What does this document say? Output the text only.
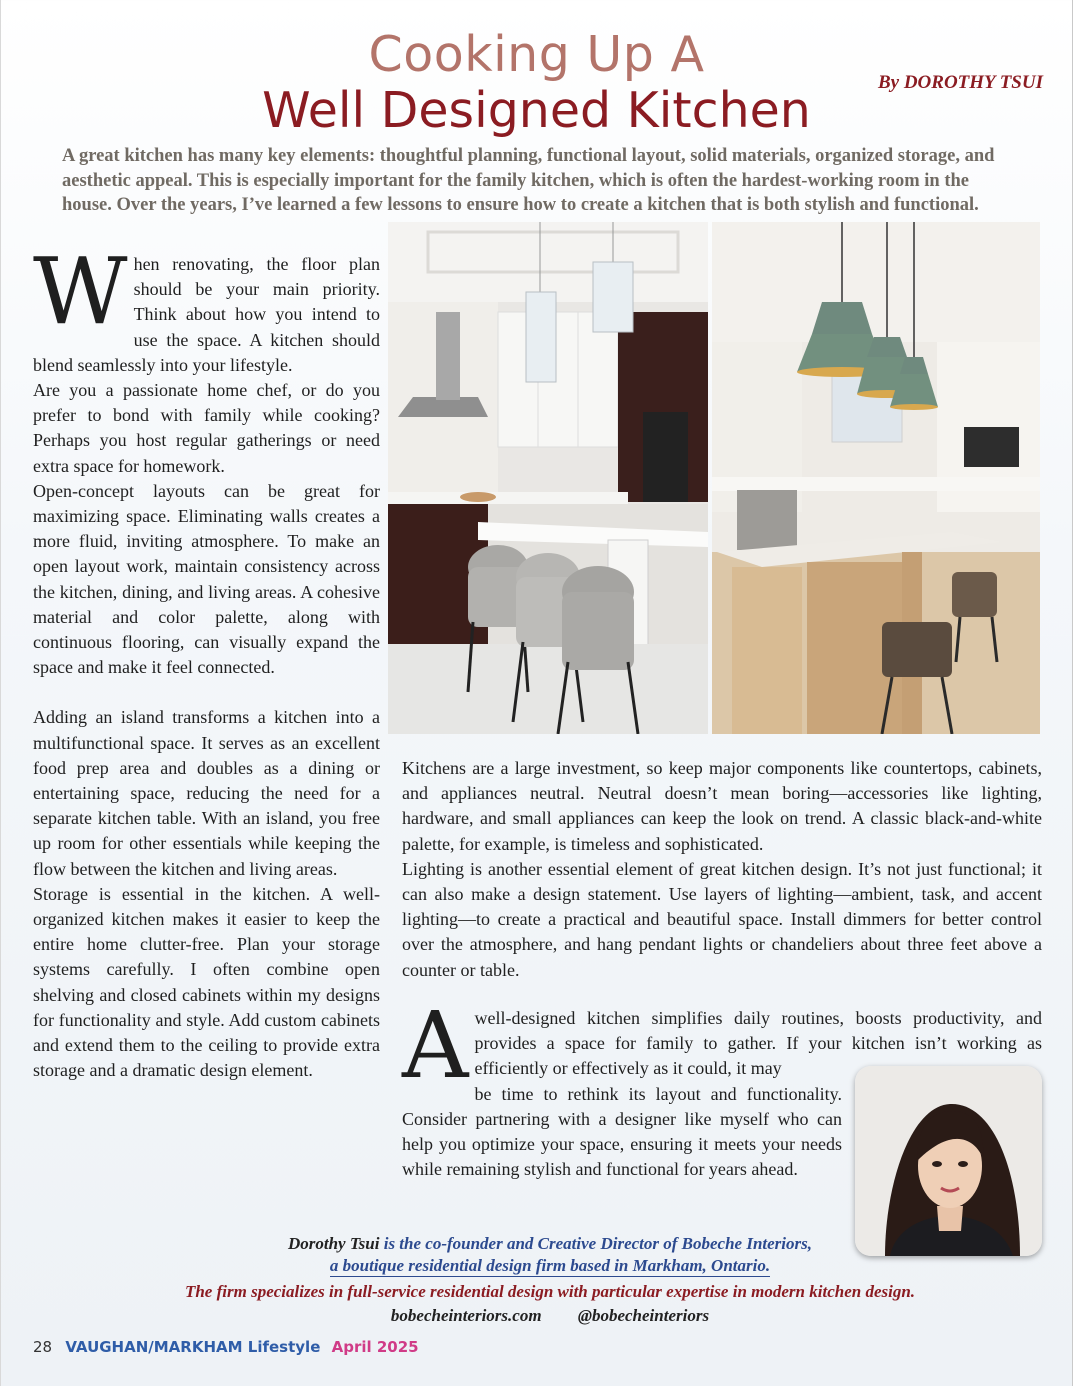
Cooking Up A
Well Designed Kitchen	By DOROTHY TSUI
A great kitchen has many key elements: thoughtful planning, functional layout, solid materials, organized storage, and aesthetic appeal. This is especially important for the family kitchen, which is often the hardest-working room in the house. Over the years, I’ve learned a few lessons to ensure how to create a kitchen that is both stylish and functional.
W hen renovating, the floor plan should be your main priority. Think about how you intend to use the space. A kitchen should blend seamlessly into your lifestyle.

Are you a passionate home chef, or do you prefer to bond with family while cooking? Perhaps you host regular gatherings or need extra space for homework.

Open-concept layouts can be great for maximizing space. Eliminating walls creates a more fluid, inviting atmosphere. To make an open layout work, maintain consistency across the kitchen, dining, and living areas. A cohesive material and color palette, along with continuous flooring, can visually expand the space and make it feel connected.

Adding an island transforms a kitchen into a multifunctional space. It serves as an excellent food prep area and doubles as a dining or entertaining space, reducing the need for a separate kitchen table. With an island, you free up room for other essentials while keeping the flow between the kitchen and living areas.

Storage is essential in the kitchen. A well-organized kitchen makes it easier to keep the entire home clutter-free. Plan your storage systems carefully. I often combine open shelving and closed cabinets within my designs for functionality and style. Add custom cabinets and extend them to the ceiling to provide extra storage and a dramatic design element.

Kitchens are a large investment, so keep major components like countertops, cabinets, and appliances neutral. Neutral doesn’t mean boring—accessories like lighting, hardware, and small appliances can keep the look on trend. A classic black-and-white palette, for example, is timeless and sophisticated.

Lighting is another essential element of great kitchen design. It’s not just functional; it can also make a design statement. Use layers of lighting—ambient, task, and accent lighting—to create a practical and beautiful space. Install dimmers for better control over the atmosphere, and hang pendant lights or chandeliers about three feet above a counter or table.

A well-designed kitchen simplifies daily routines, boosts productivity, and provides a space for family to gather. If your kitchen isn’t working as efficiently or effectively as it could, it may
be time to rethink its layout and functionality. Consider partnering with a designer like myself who can help you optimize your space, ensuring it meets your needs while remaining stylish and functional for years ahead.
Dorothy Tsui is the co-founder and Creative Director of Bobeche Interiors,
a boutique residential design firm based in Markham, Ontario.
The firm specializes in full-service residential design with particular expertise in modern kitchen design.
bobecheinteriors.com @bobecheinteriors
28 VAUGHAN/MARKHAM Lifestyle April 2025
